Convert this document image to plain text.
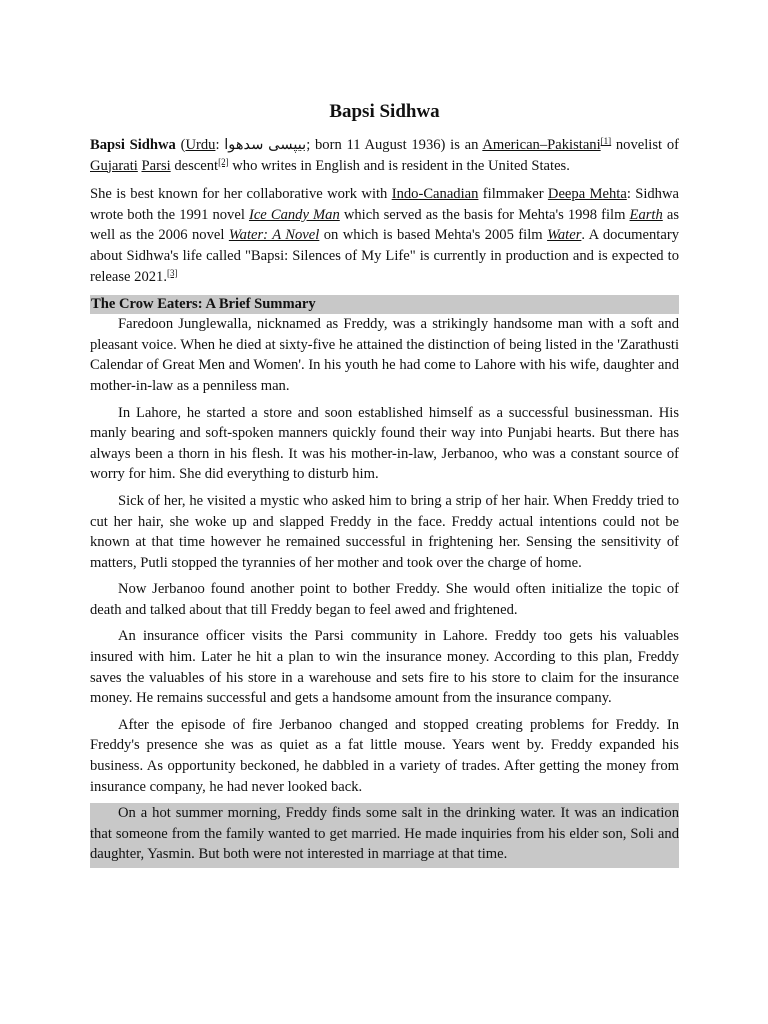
Bapsi Sidhwa

Bapsi Sidhwa (Urdu: بیپسی سدھوا; born 11 August 1936) is an American–Pakistani[1] novelist of Gujarati Parsi descent[2] who writes in English and is resident in the United States.

She is best known for her collaborative work with Indo-Canadian filmmaker Deepa Mehta: Sidhwa wrote both the 1991 novel Ice Candy Man which served as the basis for Mehta's 1998 film Earth as well as the 2006 novel Water: A Novel on which is based Mehta's 2005 film Water. A documentary about Sidhwa's life called "Bapsi: Silences of My Life" is currently in production and is expected to release 2021.[3]

The Crow Eaters: A Brief Summary

Faredoon Junglewalla, nicknamed as Freddy, was a strikingly handsome man with a soft and pleasant voice. When he died at sixty-five he attained the distinction of being listed in the 'Zarathusti Calendar of Great Men and Women'. In his youth he had come to Lahore with his wife, daughter and mother-in-law as a penniless man.

In Lahore, he started a store and soon established himself as a successful businessman. His manly bearing and soft-spoken manners quickly found their way into Punjabi hearts. But there has always been a thorn in his flesh. It was his mother-in-law, Jerbanoo, who was a constant source of worry for him. She did everything to disturb him.

Sick of her, he visited a mystic who asked him to bring a strip of her hair. When Freddy tried to cut her hair, she woke up and slapped Freddy in the face. Freddy actual intentions could not be known at that time however he remained successful in frightening her. Sensing the sensitivity of matters, Putli stopped the tyrannies of her mother and took over the charge of home.

Now Jerbanoo found another point to bother Freddy. She would often initialize the topic of death and talked about that till Freddy began to feel awed and frightened.

An insurance officer visits the Parsi community in Lahore. Freddy too gets his valuables insured with him. Later he hit a plan to win the insurance money. According to this plan, Freddy saves the valuables of his store in a warehouse and sets fire to his store to claim for the insurance money. He remains successful and gets a handsome amount from the insurance company.

After the episode of fire Jerbanoo changed and stopped creating problems for Freddy. In Freddy's presence she was as quiet as a fat little mouse. Years went by. Freddy expanded his business. As opportunity beckoned, he dabbled in a variety of trades. After getting the money from insurance company, he had never looked back.

On a hot summer morning, Freddy finds some salt in the drinking water. It was an indication that someone from the family wanted to get married. He made inquiries from his elder son, Soli and daughter, Yasmin. But both were not interested in marriage at that time.
